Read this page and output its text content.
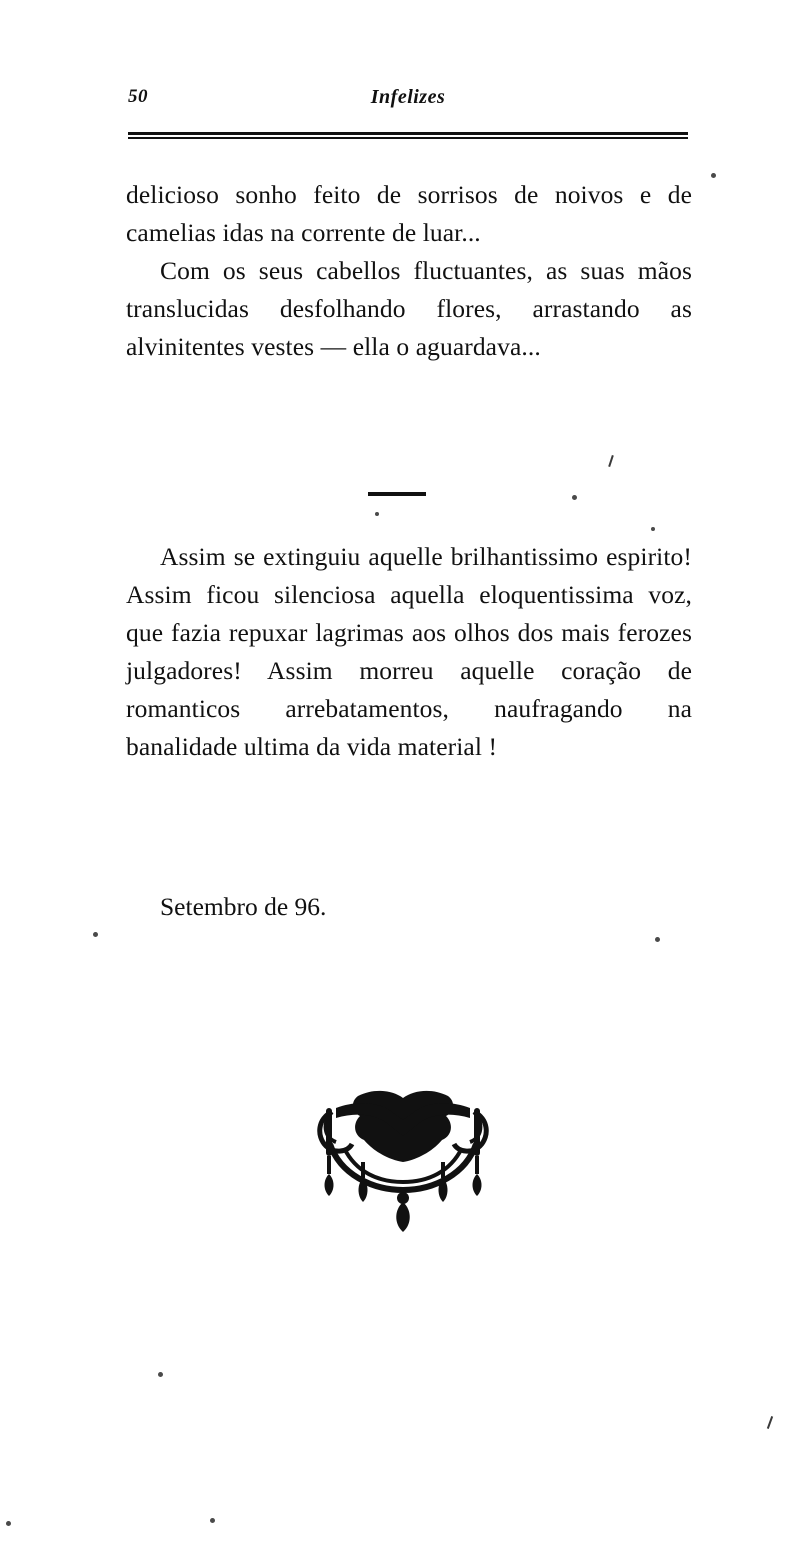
50	Infelizes

delicioso sonho feito de sorrisos de noivos e de camelias idas na corrente de luar...

Com os seus cabellos fluctuantes, as suas mãos translucidas desfolhando flores, arrastando as alvinitentes vestes — ella o aguardava...

Assim se extinguiu aquelle brilhantissimo espirito! Assim ficou silenciosa aquella eloquentissima voz, que fazia repuxar lagrimas aos olhos dos mais ferozes julgadores! Assim morreu aquelle coração de romanticos arrebatamentos, naufragando na banalidade ultima da vida material !

Setembro de 96.
